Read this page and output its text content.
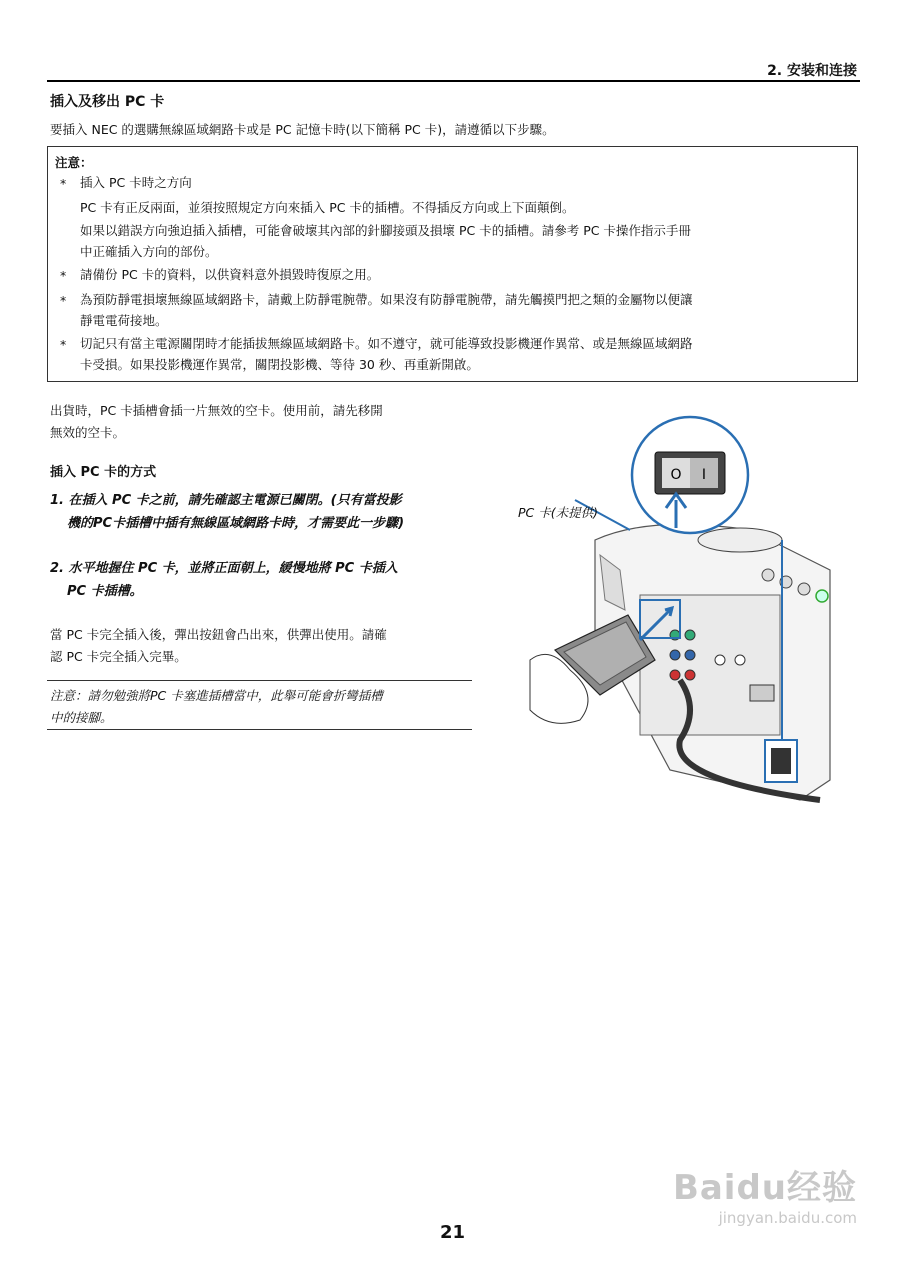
2. 安装和连接
插入及移出 PC 卡
要插入 NEC 的選購無線區域網路卡或是 PC 記憶卡時(以下簡稱 PC 卡)，請遵循以下步驟。
注意：
* 插入 PC 卡時之方向
PC 卡有正反兩面，並須按照規定方向來插入 PC 卡的插槽。不得插反方向或上下面顛倒。
如果以錯誤方向強迫插入插槽，可能會破壞其內部的針腳接頭及損壞 PC 卡的插槽。請參考 PC 卡操作指示手冊
中正確插入方向的部份。
* 請備份 PC 卡的資料，以供資料意外損毀時復原之用。
* 為預防靜電損壞無線區域網路卡，請戴上防靜電腕帶。如果沒有防靜電腕帶，請先觸摸門把之類的金屬物以便讓
靜電電荷接地。
* 切記只有當主電源關閉時才能插拔無線區域網路卡。如不遵守，就可能導致投影機運作異常、或是無線區域網路
卡受損。如果投影機運作異常，關閉投影機、等待 30 秒、再重新開啟。
出貨時，PC 卡插槽會插一片無效的空卡。使用前，請先移開
無效的空卡。
插入 PC 卡的方式
1. 在插入 PC 卡之前，請先確認主電源已關閉。(只有當投影
機的PC卡插槽中插有無線區域網路卡時，才需要此一步驟)
2. 水平地握住 PC 卡，並將正面朝上，緩慢地將 PC 卡插入
PC 卡插槽。
當 PC 卡完全插入後，彈出按鈕會凸出來，供彈出使用。請確
認 PC 卡完全插入完畢。
注意：請勿勉強將PC 卡塞進插槽當中，此舉可能會折彎插槽
中的接腳。
O I
PC 卡(未提供)
Baidu经验
jingyan.baidu.com
21
